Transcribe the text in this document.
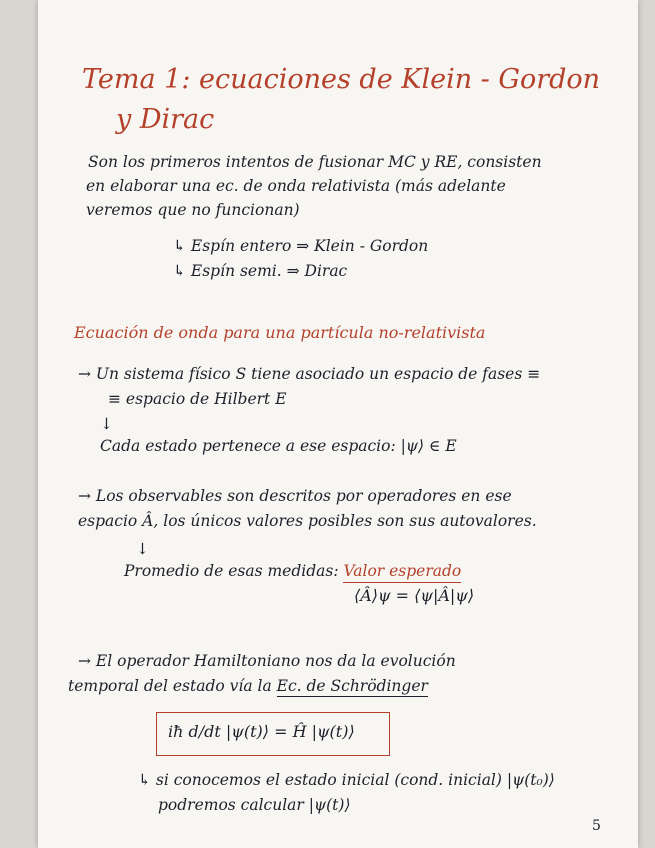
Tema 1: ecuaciones de Klein - Gordon
y Dirac
Son los primeros intentos de fusionar MC y RE, consisten
en elaborar una ec. de onda relativista (más adelante
veremos que no funcionan)
↳ Espín entero ⇒ Klein - Gordon
↳ Espín semi. ⇒ Dirac
Ecuación de onda para una partícula no-relativista
→ Un sistema físico S tiene asociado un espacio de fases ≡
≡ espacio de Hilbert E
↓
Cada estado pertenece a ese espacio: |ψ⟩ ∈ E
→ Los observables son descritos por operadores en ese
espacio Â, los únicos valores posibles son sus autovalores.
↓
Promedio de esas medidas: Valor esperado
⟨Â⟩ψ = ⟨ψ|Â|ψ⟩
→ El operador Hamiltoniano nos da la evolución
temporal del estado vía la Ec. de Schrödinger
iħ d/dt |ψ(t)⟩ = Ĥ |ψ(t)⟩
↳ si conocemos el estado inicial (cond. inicial) |ψ(t₀)⟩
podremos calcular |ψ(t)⟩
5
